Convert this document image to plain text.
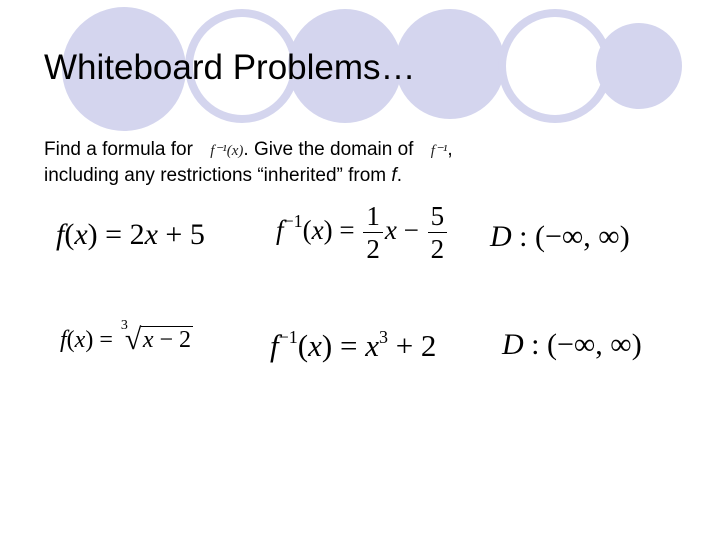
Whiteboard Problems…
Find a formula for f⁻¹(x). Give the domain of f⁻¹,
including any restrictions “inherited” from f.
f(x) = 2x + 5	$f^{-1}(x) = \frac{1}{2}$ $x - \frac{5}{2}$ D : (−∞, ∞)
f(x) =
3
√ x − 2	$f^{-1}(x) = x^3 + 2$ D : (−∞, ∞)
